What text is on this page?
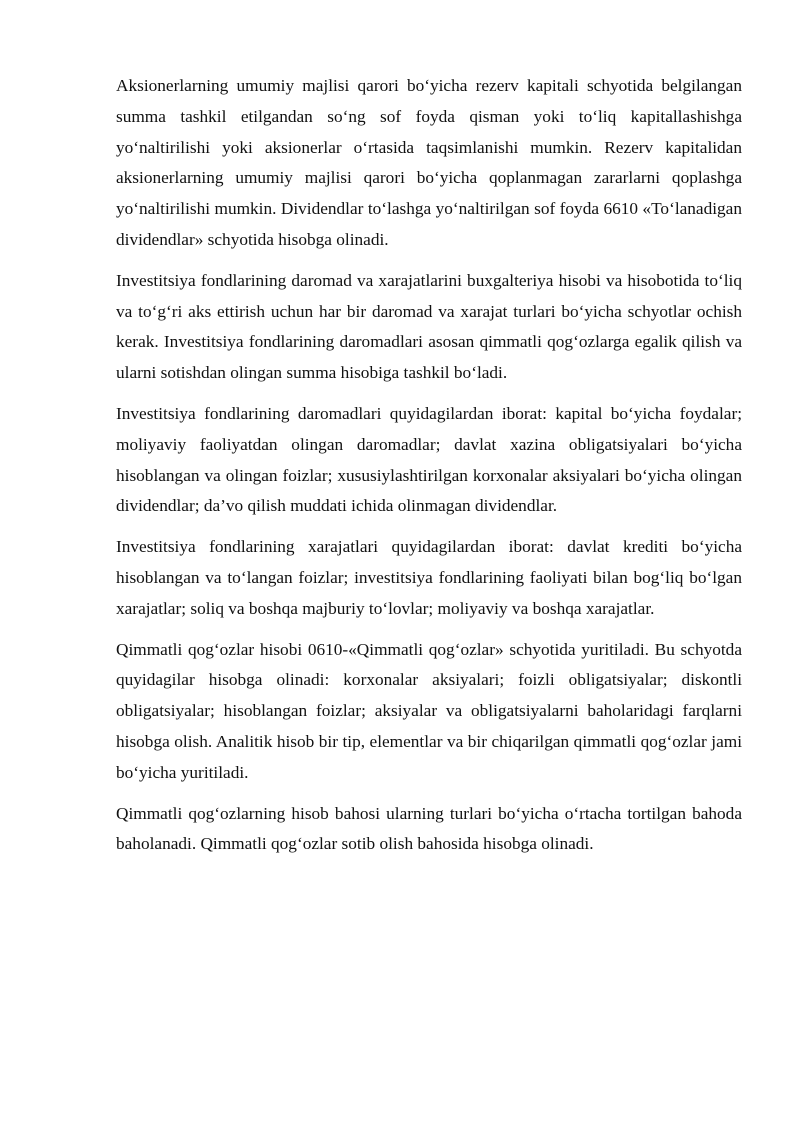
Aksionerlarning umumiy majlisi qarori bo‘yicha rezerv kapitali schyotida belgilangan summa tashkil etilgandan so‘ng sof foyda qisman yoki to‘liq kapitallashishga yo‘naltirilishi yoki aksionerlar o‘rtasida taqsimlanishi mumkin. Rezerv kapitalidan aksionerlarning umumiy majlisi qarori bo‘yicha qoplanmagan zararlarni qoplashga yo‘naltirilishi mumkin. Dividendlar to‘lashga yo‘naltirilgan sof foyda 6610 «To‘lanadigan dividendlar» schyotida hisobga olinadi.

Investitsiya fondlarining daromad va xarajatlarini buxgalteriya hisobi va hisobotida to‘liq va to‘g‘ri aks ettirish uchun har bir daromad va xarajat turlari bo‘yicha schyotlar ochish kerak. Investitsiya fondlarining daromadlari asosan qimmatli qog‘ozlarga egalik qilish va ularni sotishdan olingan summa hisobiga tashkil bo‘ladi.

Investitsiya fondlarining daromadlari quyidagilardan iborat: kapital bo‘yicha foydalar; moliyaviy faoliyatdan olingan daromadlar; davlat xazina obligatsiyalari bo‘yicha hisoblangan va olingan foizlar; xususiylashtirilgan korxonalar aksiyalari bo‘yicha olingan dividendlar; da’vo qilish muddati ichida olinmagan dividendlar.

Investitsiya fondlarining xarajatlari quyidagilardan iborat: davlat krediti bo‘yicha hisoblangan va to‘langan foizlar; investitsiya fondlarining faoliyati bilan bog‘liq bo‘lgan xarajatlar; soliq va boshqa majburiy to‘lovlar; moliyaviy va boshqa xarajatlar.

Qimmatli qog‘ozlar hisobi 0610-«Qimmatli qog‘ozlar» schyotida yuritiladi. Bu schyotda quyidagilar hisobga olinadi: korxonalar aksiyalari; foizli obligatsiyalar; diskontli obligatsiyalar; hisoblangan foizlar; aksiyalar va obligatsiyalarni baholaridagi farqlarni hisobga olish. Analitik hisob bir tip, elementlar va bir chiqarilgan qimmatli qog‘ozlar jami bo‘yicha yuritiladi.

Qimmatli qog‘ozlarning hisob bahosi ularning turlari bo‘yicha o‘rtacha tortilgan bahoda baholanadi. Qimmatli qog‘ozlar sotib olish bahosida hisobga olinadi.
